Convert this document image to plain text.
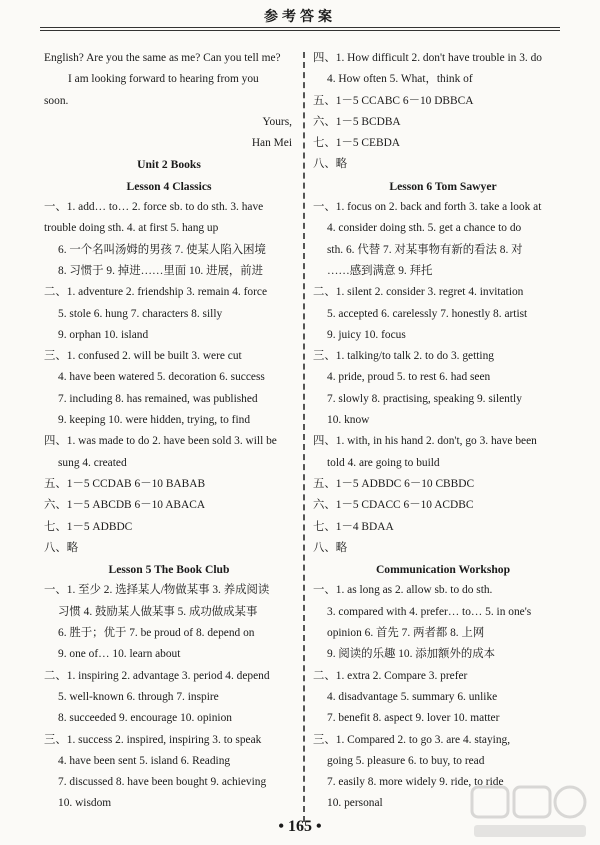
参考答案
English? Are you the same as me? Can you tell me?
I am looking forward to hearing from you
soon.
Yours,
Han Mei
Unit 2 Books
Lesson 4 Classics
一、1. add… to… 2. force sb. to do sth. 3. have
trouble doing sth. 4. at first 5. hang up
6. 一个名叫汤姆的男孩 7. 使某人陷入困境
8. 习惯于 9. 掉进……里面 10. 进展，前进
二、1. adventure 2. friendship 3. remain 4. force
5. stole 6. hung 7. characters 8. silly
9. orphan 10. island
三、1. confused 2. will be built 3. were cut
4. have been watered 5. decoration 6. success
7. including 8. has remained, was published
9. keeping 10. were hidden, trying, to find
四、1. was made to do 2. have been sold 3. will be
sung 4. created
五、1－5 CCDAB 6－10 BABAB
六、1－5 ABCDB 6－10 ABACA
七、1－5 ADBDC
八、略
Lesson 5 The Book Club
一、1. 至少 2. 选择某人/物做某事 3. 养成阅读
习惯 4. 鼓励某人做某事 5. 成功做成某事
6. 胜于；优于 7. be proud of 8. depend on
9. one of… 10. learn about
二、1. inspiring 2. advantage 3. period 4. depend
5. well-known 6. through 7. inspire
8. succeeded 9. encourage 10. opinion
三、1. success 2. inspired, inspiring 3. to speak
4. have been sent 5. island 6. Reading
7. discussed 8. have been bought 9. achieving
10. wisdom
四、1. How difficult 2. don't have trouble in 3. do
4. How often 5. What，think of
五、1－5 CCABC 6－10 DBBCA
六、1－5 BCDBA
七、1－5 CEBDA
八、略
Lesson 6 Tom Sawyer
一、1. focus on 2. back and forth 3. take a look at
4. consider doing sth. 5. get a chance to do
sth. 6. 代替 7. 对某事物有新的看法 8. 对
……感到满意 9. 拜托
二、1. silent 2. consider 3. regret 4. invitation
5. accepted 6. carelessly 7. honestly 8. artist
9. juicy 10. focus
三、1. talking/to talk 2. to do 3. getting
4. pride, proud 5. to rest 6. had seen
7. slowly 8. practising, speaking 9. silently
10. know
四、1. with, in his hand 2. don't, go 3. have been
told 4. are going to build
五、1－5 ADBDC 6－10 CBBDC
六、1－5 CDACC 6－10 ACDBC
七、1－4 BDAA
八、略
Communication Workshop
一、1. as long as 2. allow sb. to do sth.
3. compared with 4. prefer… to… 5. in one's
opinion 6. 首先 7. 两者都 8. 上网
9. 阅读的乐趣 10. 添加额外的成本
二、1. extra 2. Compare 3. prefer
4. disadvantage 5. summary 6. unlike
7. benefit 8. aspect 9. lover 10. matter
三、1. Compared 2. to go 3. are 4. staying,
going 5. pleasure 6. to buy, to read
7. easily 8. more widely 9. ride, to ride
10. personal
• 165 •
